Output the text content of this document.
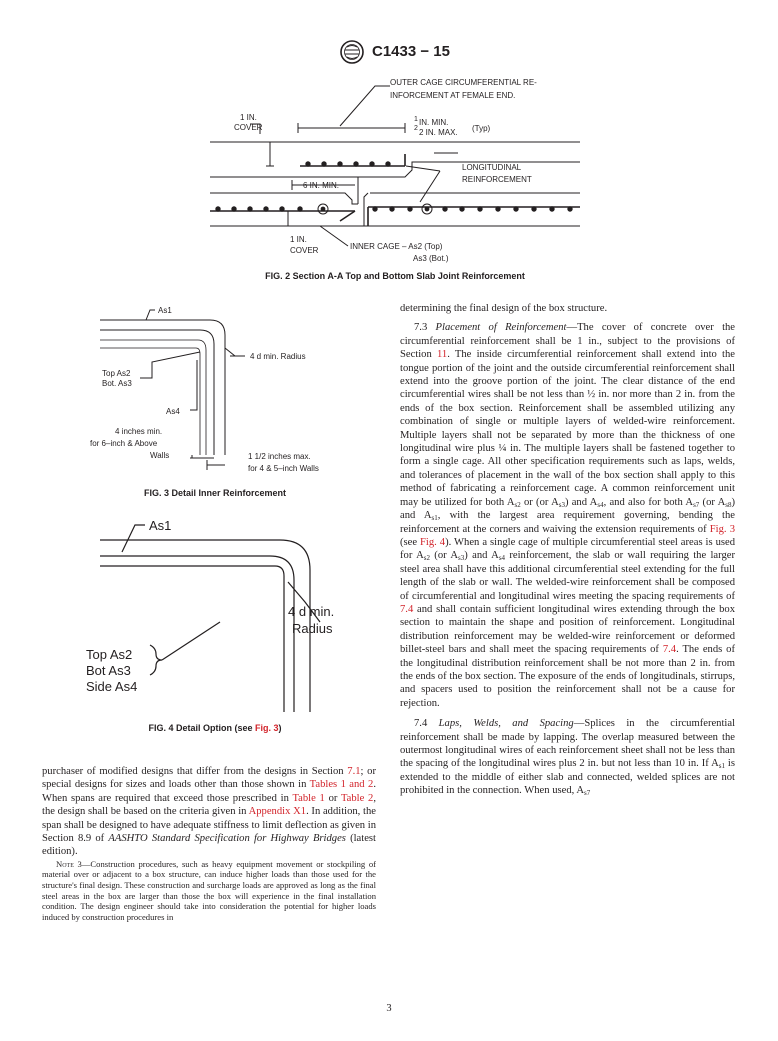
C1433 − 15
OUTER CAGE CIRCUMFERENTIAL RE-
INFORCEMENT AT FEMALE END.
1 IN.
COVER
1
2
IN. MIN.
2 IN. MAX. (Typ)
LONGITUDINAL
REINFORCEMENT
6 IN. MIN.
1 IN.
COVER	INNER CAGE – As2 (Top)
As3 (Bot.)
FIG. 2 Section A-A Top and Bottom Slab Joint Reinforcement
As1
4 d min. Radius
Top As2
Bot. As3
As4
4 inches min.
for 6–inch & Above
Walls	1 1/2 inches max.
for 4 & 5–inch Walls
FIG. 3 Detail Inner Reinforcement
As1
4 d min.
Radius
Top As2
Bot As3
Side As4
FIG. 4 Detail Option (see Fig. 3)

purchaser of modified designs that differ from the designs in Section 7.1; or special designs for sizes and loads other than those shown in Tables 1 and 2. When spans are required that exceed those prescribed in Table 1 or Table 2, the design shall be based on the criteria given in Appendix X1. In addition, the span shall be designed to have adequate stiffness to limit deflection as given in Section 8.9 of AASHTO Standard Specification for Highway Bridges (latest edition).

Note 3—Construction procedures, such as heavy equipment movement or stockpiling of material over or adjacent to a box structure, can induce higher loads than those used for the structure's final design. These construction and surcharge loads are approved as long as the final steel areas in the box are larger than those the box will experience in the final installation condition. The design engineer should take into consideration the potential for higher loads induced by construction procedures in

determining the final design of the box structure.

7.3 Placement of Reinforcement—The cover of concrete over the circumferential reinforcement shall be 1 in., subject to the provisions of Section 11. The inside circumferential reinforcement shall extend into the tongue portion of the joint and the outside circumferential reinforcement shall extend into the groove portion of the joint. The clear distance of the end circumferential wires shall be not less than ½ in. nor more than 2 in. from the ends of the box section. Reinforcement shall be assembled utilizing any combination of single or multiple layers of welded-wire reinforcement. Multiple layers shall not be separated by more than the thickness of one longitudinal wire plus ¼ in. The multiple layers shall be fastened together to form a single cage. All other specification requirements such as laps, welds, and tolerances of placement in the wall of the box section shall apply to this method of fabricating a reinforcement cage. A common reinforcement unit may be utilized for both $A_{s2}$ or (or $A_{s3}$) and $A_{s4}$, and also for both $A_{s7}$ (or $A_{s8}$) and $A_{s1}$, with the largest area requirement governing, bending the reinforcement at the corners and waiving the extension requirements of Fig. 3 (see Fig. 4). When a single cage of multiple circumferential steel areas is used for $A_{s2}$ (or $A_{s3}$) and $A_{s4}$ reinforcement, the slab or wall requiring the larger steel area shall have this additional circumferential steel extending for the full length of the slab or wall. The welded-wire reinforcement shall be composed of circumferential and longitudinal wires meeting the spacing requirements of 7.4 and shall contain sufficient longitudinal wires extending through the box section to maintain the shape and position of reinforcement. Longitudinal distribution reinforcement may be welded-wire reinforcement or deformed billet-steel bars and shall meet the spacing requirements of 7.4. The ends of the longitudinal distribution reinforcement shall be not more than 2 in. from the ends of the box section. The exposure of the ends of longitudinals, stirrups, and spacers used to position the reinforcement shall not be a cause for rejection.

7.4 Laps, Welds, and Spacing—Splices in the circumferential reinforcement shall be made by lapping. The overlap measured between the outermost longitudinal wires of each reinforcement sheet shall not be less than the spacing of the longitudinal wires plus 2 in. but not less than 10 in. If $A_{s1}$ is extended to the middle of either slab and connected, welded splices are not prohibited in the connection. When used, $A_{s7}$

3
